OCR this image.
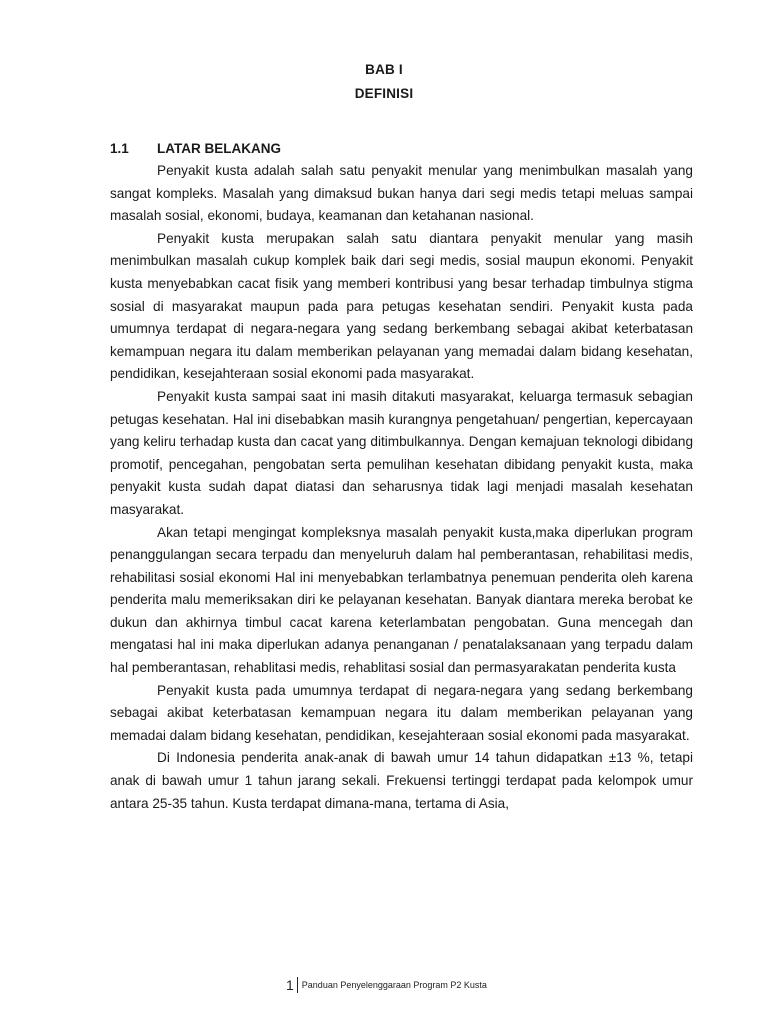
BAB I
DEFINISI
1.1 LATAR BELAKANG

Penyakit kusta adalah salah satu penyakit menular yang menimbulkan masalah yang sangat kompleks. Masalah yang dimaksud bukan hanya dari segi medis tetapi meluas sampai masalah sosial, ekonomi, budaya, keamanan dan ketahanan nasional.

Penyakit kusta merupakan salah satu diantara penyakit menular yang masih menimbulkan masalah cukup komplek baik dari segi medis, sosial maupun ekonomi. Penyakit kusta menyebabkan cacat fisik yang memberi kontribusi yang besar terhadap timbulnya stigma sosial di masyarakat maupun pada para petugas kesehatan sendiri. Penyakit kusta pada umumnya terdapat di negara-negara yang sedang berkembang sebagai akibat keterbatasan kemampuan negara itu dalam memberikan pelayanan yang memadai dalam bidang kesehatan, pendidikan, kesejahteraan sosial ekonomi pada masyarakat.

Penyakit kusta sampai saat ini masih ditakuti masyarakat, keluarga termasuk sebagian petugas kesehatan. Hal ini disebabkan masih kurangnya pengetahuan/ pengertian, kepercayaan yang keliru terhadap kusta dan cacat yang ditimbulkannya. Dengan kemajuan teknologi dibidang promotif, pencegahan, pengobatan serta pemulihan kesehatan dibidang penyakit kusta, maka penyakit kusta sudah dapat diatasi dan seharusnya tidak lagi menjadi masalah kesehatan masyarakat.

Akan tetapi mengingat kompleksnya masalah penyakit kusta,maka diperlukan program penanggulangan secara terpadu dan menyeluruh dalam hal pemberantasan, rehabilitasi medis, rehabilitasi sosial ekonomi Hal ini menyebabkan terlambatnya penemuan penderita oleh karena penderita malu memeriksakan diri ke pelayanan kesehatan. Banyak diantara mereka berobat ke dukun dan akhirnya timbul cacat karena keterlambatan pengobatan. Guna mencegah dan mengatasi hal ini maka diperlukan adanya penanganan / penatalaksanaan yang terpadu dalam hal pemberantasan, rehablitasi medis, rehablitasi sosial dan permasyarakatan penderita kusta

Penyakit kusta pada umumnya terdapat di negara-negara yang sedang berkembang sebagai akibat keterbatasan kemampuan negara itu dalam memberikan pelayanan yang memadai dalam bidang kesehatan, pendidikan, kesejahteraan sosial ekonomi pada masyarakat.

Di Indonesia penderita anak-anak di bawah umur 14 tahun didapatkan ±13 %, tetapi anak di bawah umur 1 tahun jarang sekali. Frekuensi tertinggi terdapat pada kelompok umur antara 25-35 tahun. Kusta terdapat dimana-mana, tertama di Asia,

1 Panduan Penyelenggaraan Program P2 Kusta
